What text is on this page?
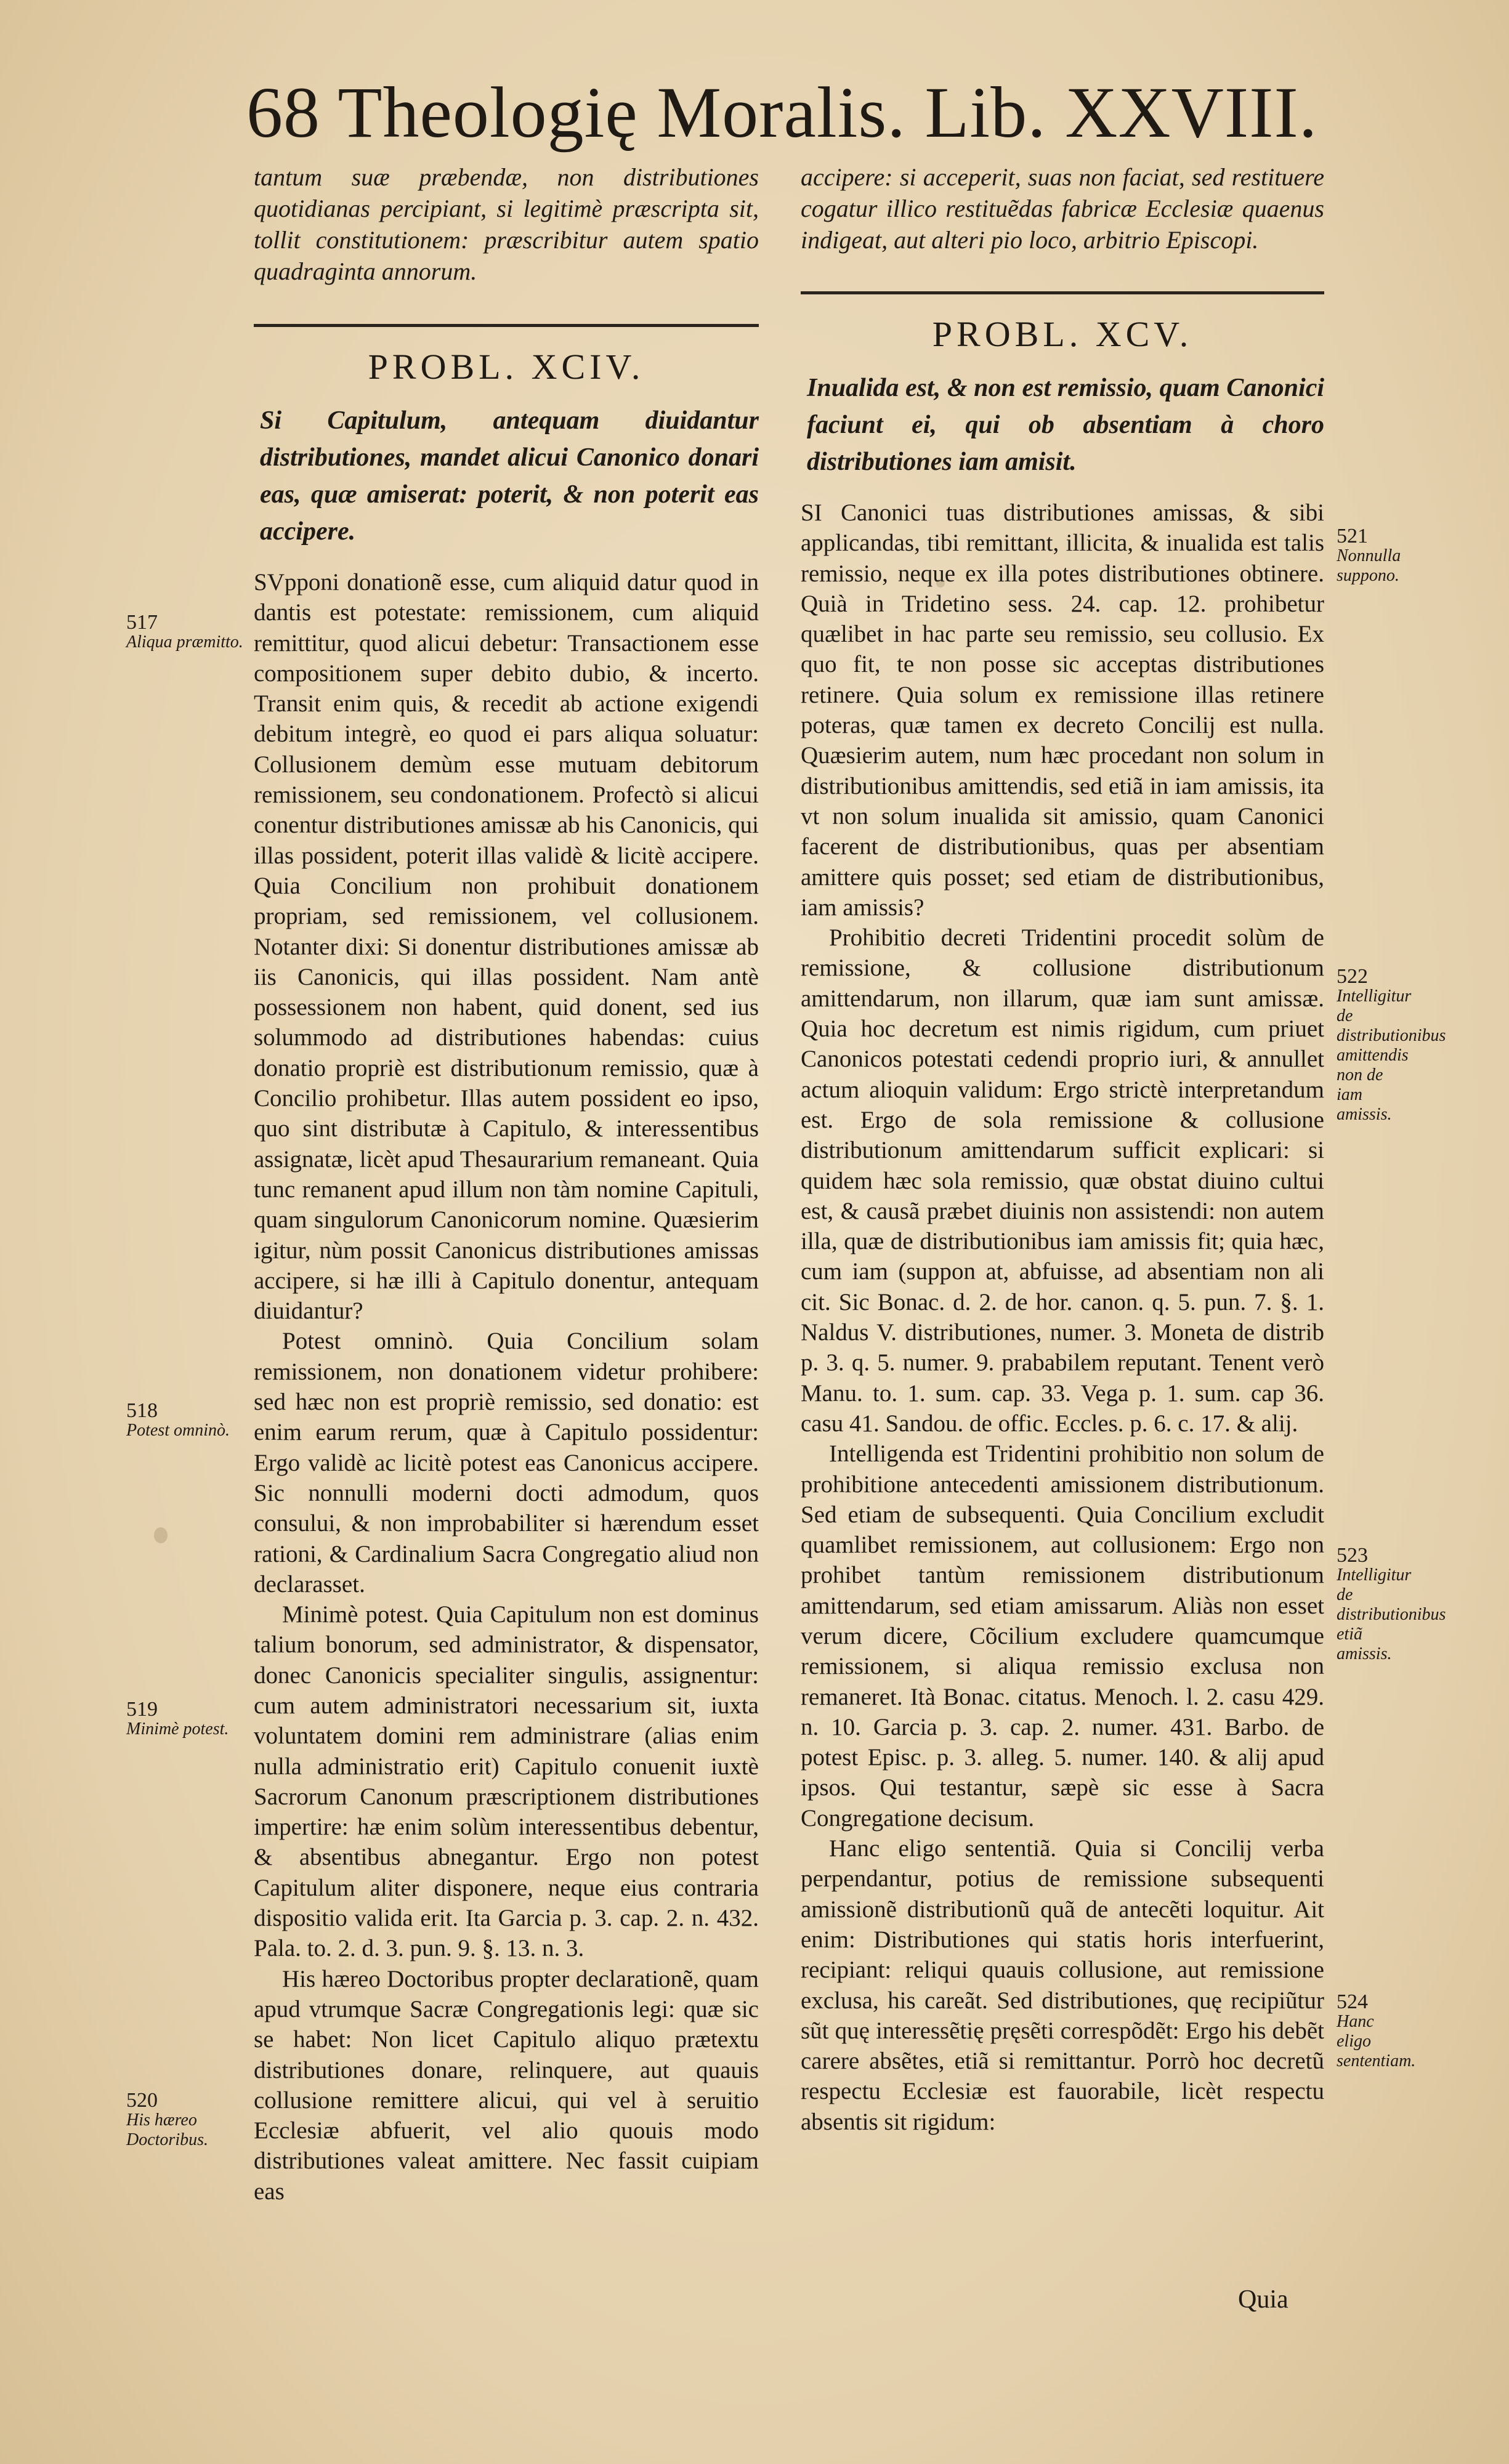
68 Theologię Moralis. Lib. XXVIII.

tantum suæ præbendæ, non distributiones quotidianas percipiant, si legitimè præscripta sit, tollit constitutionem: præscribitur autem spatio quadraginta annorum.

PROBL. XCIV.

Si Capitulum, antequam diuidantur distributiones, mandet alicui Canonico donari eas, quæ amiserat: poterit, & non poterit eas accipere.

SVpponi donationẽ esse, cum aliquid datur quod in dantis est potestate: remissionem, cum aliquid remittitur, quod alicui debetur: Transactionem esse compositionem super debito dubio, & incerto. Transit enim quis, & recedit ab actione exigendi debitum integrè, eo quod ei pars aliqua soluatur: Collusionem demùm esse mutuam debitorum remissionem, seu condonationem. Profectò si alicui conentur distributiones amissæ ab his Canonicis, qui illas possident, poterit illas validè & licitè accipere. Quia Concilium non prohibuit donationem propriam, sed remissionem, vel collusionem. Notanter dixi: Si donentur distributiones amissæ ab iis Canonicis, qui illas possident. Nam antè possessionem non habent, quid donent, sed ius solummodo ad distributiones habendas: cuius donatio propriè est distributionum remissio, quæ à Concilio prohibetur. Illas autem possident eo ipso, quo sint distributæ à Capitulo, & interessentibus assignatæ, licèt apud Thesaurarium remaneant. Quia tunc remanent apud illum non tàm nomine Capituli, quam singulorum Canonicorum nomine. Quæsierim igitur, nùm possit Canonicus distributiones amissas accipere, si hæ illi à Capitulo donentur, antequam diuidantur?

Potest omninò. Quia Concilium solam remissionem, non donationem videtur prohibere: sed hæc non est propriè remissio, sed donatio: est enim earum rerum, quæ à Capitulo possidentur: Ergo validè ac licitè potest eas Canonicus accipere. Sic nonnulli moderni docti admodum, quos consului, & non improbabiliter si hærendum esset rationi, & Cardinalium Sacra Congregatio aliud non declarasset.

Minimè potest. Quia Capitulum non est dominus talium bonorum, sed administrator, & dispensator, donec Canonicis specialiter singulis, assignentur: cum autem administratori necessarium sit, iuxta voluntatem domini rem administrare (alias enim nulla administratio erit) Capitulo conuenit iuxtè Sacrorum Canonum præscriptionem distributiones impertire: hæ enim solùm interessentibus debentur, & absentibus abnegantur. Ergo non potest Capitulum aliter disponere, neque eius contraria dispositio valida erit. Ita Garcia p. 3. cap. 2. n. 432. Pala. to. 2. d. 3. pun. 9. §. 13. n. 3.

His hæreo Doctoribus propter declarationẽ, quam apud vtrumque Sacræ Congregationis legi: quæ sic se habet: Non licet Capitulo aliquo prætextu distributiones donare, relinquere, aut quauis collusione remittere alicui, qui vel à seruitio Ecclesiæ abfuerit, vel alio quouis modo distributiones valeat amittere. Nec fassit cuipiam eas

accipere: si acceperit, suas non faciat, sed restituere cogatur illico restituẽdas fabricæ Ecclesiæ quaenus indigeat, aut alteri pio loco, arbitrio Episcopi.

PROBL. XCV.

Inualida est, & non est remissio, quam Canonici faciunt ei, qui ob absentiam à choro distributiones iam amisit.

SI Canonici tuas distributiones amissas, & sibi applicandas, tibi remittant, illicita, & inualida est talis remissio, neque ex illa potes distributiones obtinere. Quià in Tridetino sess. 24. cap. 12. prohibetur quælibet in hac parte seu remissio, seu collusio. Ex quo fit, te non posse sic acceptas distributiones retinere. Quia solum ex remissione illas retinere poteras, quæ tamen ex decreto Concilij est nulla. Quæsierim autem, num hæc procedant non solum in distributionibus amittendis, sed etiã in iam amissis, ita vt non solum inualida sit amissio, quam Canonici facerent de distributionibus, quas per absentiam amittere quis posset; sed etiam de distributionibus, iam amissis?

Prohibitio decreti Tridentini procedit solùm de remissione, & collusione distributionum amittendarum, non illarum, quæ iam sunt amissæ. Quia hoc decretum est nimis rigidum, cum priuet Canonicos potestati cedendi proprio iuri, & annullet actum alioquin validum: Ergo strictè interpretandum est. Ergo de sola remissione & collusione distributionum amittendarum sufficit explicari: si quidem hæc sola remissio, quæ obstat diuino cultui est, & causã præbet diuinis non assistendi: non autem illa, quæ de distributionibus iam amissis fit; quia hæc, cum iam (suppon at, abfuisse, ad absentiam non ali cit. Sic Bonac. d. 2. de hor. canon. q. 5. pun. 7. §. 1. Naldus V. distributiones, numer. 3. Moneta de distrib p. 3. q. 5. numer. 9. prababilem reputant. Tenent verò Manu. to. 1. sum. cap. 33. Vega p. 1. sum. cap 36. casu 41. Sandou. de offic. Eccles. p. 6. c. 17. & alij.

Intelligenda est Tridentini prohibitio non solum de prohibitione antecedenti amissionem distributionum. Sed etiam de subsequenti. Quia Concilium excludit quamlibet remissionem, aut collusionem: Ergo non prohibet tantùm remissionem distributionum amittendarum, sed etiam amissarum. Aliàs non esset verum dicere, Cõcilium excludere quamcumque remissionem, si aliqua remissio exclusa non remaneret. Ità Bonac. citatus. Menoch. l. 2. casu 429. n. 10. Garcia p. 3. cap. 2. numer. 431. Barbo. de potest Episc. p. 3. alleg. 5. numer. 140. & alij apud ipsos. Qui testantur, sæpè sic esse à Sacra Congregatione decisum.

Hanc eligo sententiã. Quia si Concilij verba perpendantur, potius de remissione subsequenti amissionẽ distributionũ quã de antecẽti loquitur. Ait enim: Distributiones qui statis horis interfuerint, recipiant: reliqui quauis collusione, aut remissione exclusa, his careãt. Sed distributiones, quę recipiũtur sũt quę interessẽtię pręsẽti correspõdẽt: Ergo his debẽt carere absẽtes, etiã si remittantur. Porrò hoc decretũ respectu Ecclesiæ est fauorabile, licèt respectu absentis sit rigidum:

517
Aliqua præmitto.
518
Potest omninò.
519
Minimè potest.
520
His hæreo Doctoribus.
521
Nonnulla suppono.
522
Intelligitur de distributionibus amittendis non de iam amissis.
523
Intelligitur de distributionibus etiã amissis.
524
Hanc eligo sententiam.
Quia
